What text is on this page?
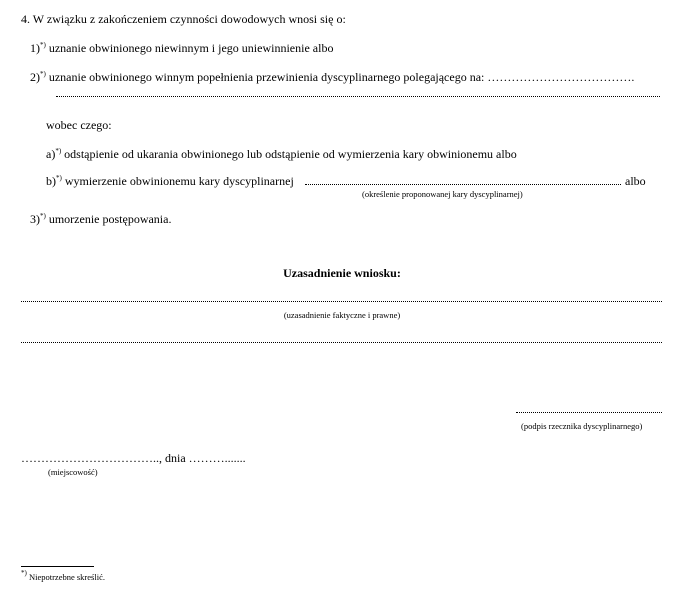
4. W związku z zakończeniem czynności dowodowych wnosi się o:
1)*) uznanie obwinionego niewinnym i jego uniewinnienie albo
2)*) uznanie obwinionego winnym popełnienia przewinienia dyscyplinarnego polegającego na: ……………………………….
wobec czego:
a)*) odstąpienie od ukarania obwinionego lub odstąpienie od wymierzenia kary obwinionemu albo
b)*) wymierzenie obwinionemu kary dyscyplinarnej	albo
(określenie proponowanej kary dyscyplinarnej)
3)*) umorzenie postępowania.
Uzasadnienie wniosku:
(uzasadnienie faktyczne i prawne)
(podpis rzecznika dyscyplinarnego)
…………………………….., dnia ……….......
(miejscowość)
*) Niepotrzebne skreślić.
